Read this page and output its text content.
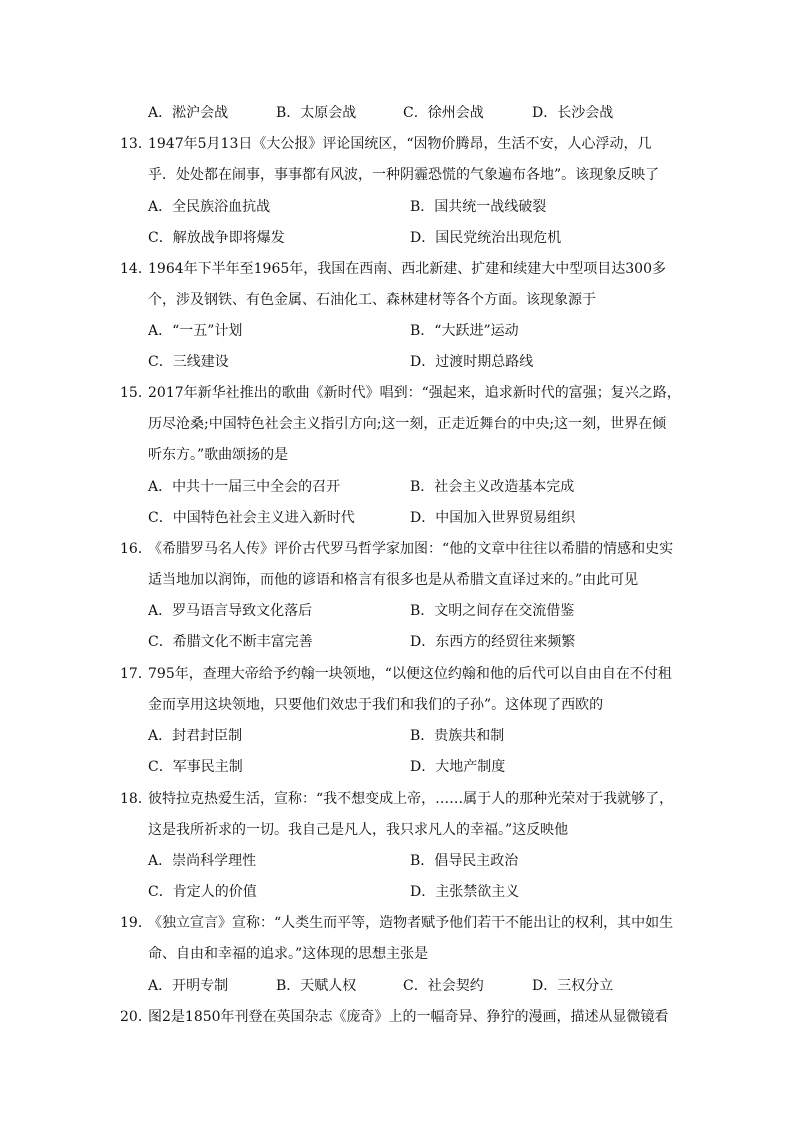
A．淞沪会战	B．太原会战	C．徐州会战	D．长沙会战
13．1947年5月13日《大公报》评论国统区，“因物价腾昂，生活不安，人心浮动，几
乎．处处都在闹事，事事都有风波，一种阴霾恐慌的气象遍布各地”。该现象反映了
A．全民族浴血抗战	B．国共统一战线破裂
C．解放战争即将爆发	D．国民党统治出现危机
14．1964年下半年至1965年，我国在西南、西北新建、扩建和续建大中型项目达300多
个，涉及钢铁、有色金属、石油化工、森林建材等各个方面。该现象源于
A．“一五”计划	B．“大跃进”运动
C．三线建设	D．过渡时期总路线
15．2017年新华社推出的歌曲《新时代》唱到：“强起来，追求新时代的富强；复兴之路，
历尽沧桑;中国特色社会主义指引方向;这一刻，正走近舞台的中央;这一刻，世界在倾
听东方。”歌曲颂扬的是
A．中共十一届三中全会的召开	B．社会主义改造基本完成
C．中国特色社会主义进入新时代	D．中国加入世界贸易组织
16．《希腊罗马名人传》评价古代罗马哲学家加图：“他的文章中往往以希腊的情感和史实
适当地加以润饰，而他的谚语和格言有很多也是从希腊文直译过来的。”由此可见
A．罗马语言导致文化落后	B．文明之间存在交流借鉴
C．希腊文化不断丰富完善	D．东西方的经贸往来频繁
17．795年，查理大帝给予约翰一块领地，“以便这位约翰和他的后代可以自由自在不付租
金而享用这块领地，只要他们效忠于我们和我们的子孙”。这体现了西欧的
A．封君封臣制	B．贵族共和制
C．军事民主制	D．大地产制度
18．彼特拉克热爱生活，宣称：“我不想变成上帝，……属于人的那种光荣对于我就够了，
这是我所祈求的一切。我自己是凡人，我只求凡人的幸福。”这反映他
A．崇尚科学理性	B．倡导民主政治
C．肯定人的价值	D．主张禁欲主义
19．《独立宣言》宣称：“人类生而平等，造物者赋予他们若干不能出让的权利，其中如生
命、自由和幸福的追求。”这体现的思想主张是
A．开明专制	B．天赋人权	C．社会契约	D．三权分立
20．图2是1850年刊登在英国杂志《庞奇》上的一幅奇异、狰狞的漫画，描述从显微镜看
